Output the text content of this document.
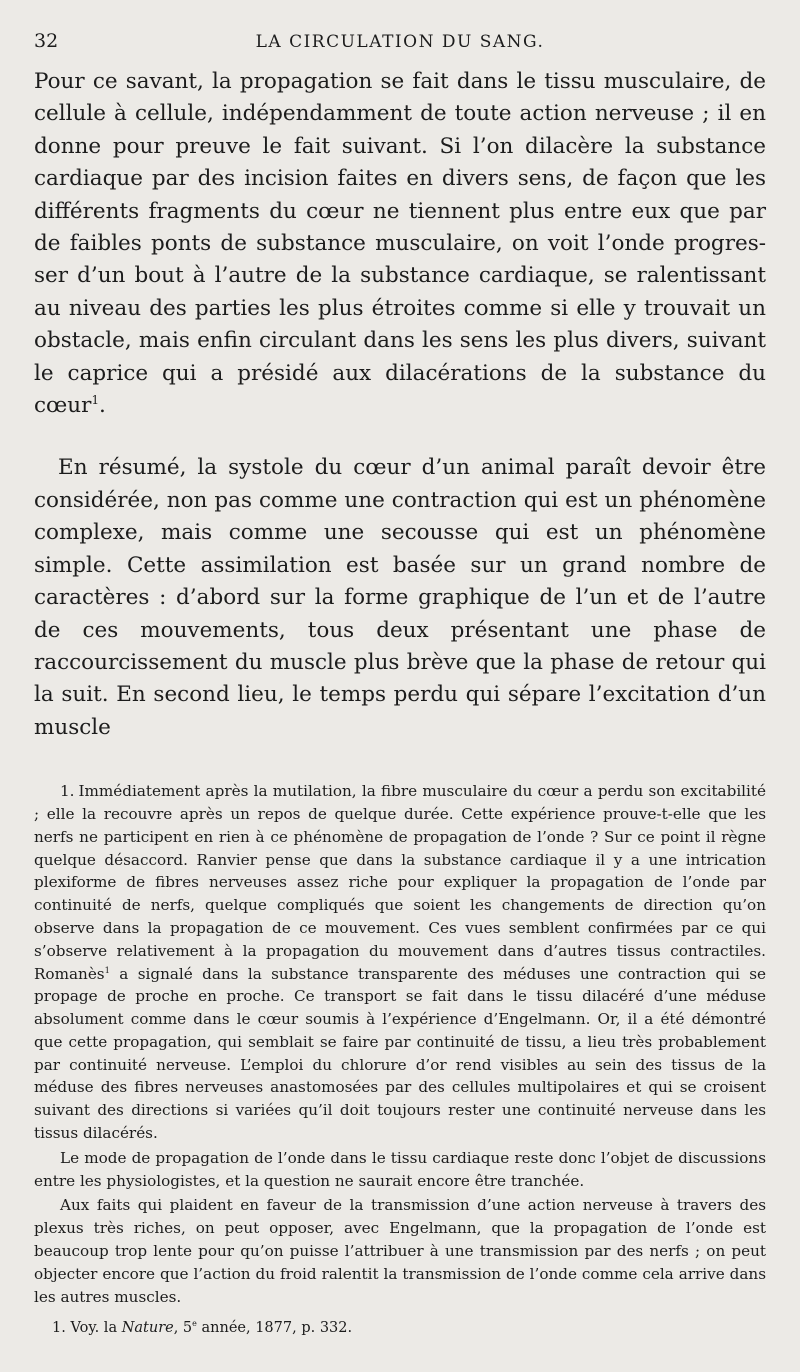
32	LA CIRCULATION DU SANG.

Pour ce savant, la propagation se fait dans le tissu musculaire, de cellule à cellule, indépendamment de toute action nerveuse ; il en donne pour preuve le fait suivant. Si l’on dilacère la substance cardiaque par des incision faites en divers sens, de façon que les différents fragments du cœur ne tiennent plus entre eux que par de faibles ponts de substance musculaire, on voit l’onde progresser d’un bout à l’autre de la substance cardiaque, se ralentissant au niveau des parties les plus étroites comme si elle y trouvait un obstacle, mais enfin circulant dans les sens les plus divers, suivant le caprice qui a présidé aux dilacérations de la substance du cœur$^1$.

En résumé, la systole du cœur d’un animal paraît devoir être considérée, non pas comme une contraction qui est un phénomène complexe, mais comme une secousse qui est un phénomène simple. Cette assimilation est basée sur un grand nombre de caractères : d’abord sur la forme graphique de l’un et de l’autre de ces mouvements, tous deux présentant une phase de raccourcissement du muscle plus brève que la phase de retour qui la suit. En second lieu, le temps perdu qui sépare l’excitation d’un muscle

1. Immédiatement après la mutilation, la fibre musculaire du cœur a perdu son excitabilité ; elle la recouvre après un repos de quelque durée. Cette expérience prouve-t-elle que les nerfs ne participent en rien à ce phénomène de propagation de l’onde ? Sur ce point il règne quelque désaccord. Ranvier pense que dans la substance cardiaque il y a une intrication plexiforme de fibres nerveuses assez riche pour expliquer la propagation de l’onde par continuité de nerfs, quelque compliqués que soient les changements de direction qu’on observe dans la propagation de ce mouvement. Ces vues semblent confirmées par ce qui s’observe relativement à la propagation du mouvement dans d’autres tissus contractiles. Romanès$^1$ a signalé dans la substance transparente des méduses une contraction qui se propage de proche en proche. Ce transport se fait dans le tissu dilacéré d’une méduse absolument comme dans le cœur soumis à l’expérience d’Engelmann. Or, il a été démontré que cette propagation, qui semblait se faire par continuité de tissu, a lieu très probablement par continuité nerveuse. L’emploi du chlorure d’or rend visibles au sein des tissus de la méduse des fibres nerveuses anastomosées par des cellules multipolaires et qui se croisent suivant des directions si variées qu’il doit toujours rester une continuité nerveuse dans les tissus dilacérés.

Le mode de propagation de l’onde dans le tissu cardiaque reste donc l’objet de discussions entre les physiologistes, et la question ne saurait encore être tranchée.

Aux faits qui plaident en faveur de la transmission d’une action nerveuse à travers des plexus très riches, on peut opposer, avec Engelmann, que la propagation de l’onde est beaucoup trop lente pour qu’on puisse l’attribuer à une transmission par des nerfs ; on peut objecter encore que l’action du froid ralentit la transmission de l’onde comme cela arrive dans les autres muscles.

1. Voy. la Nature, 5e année, 1877, p. 332.
